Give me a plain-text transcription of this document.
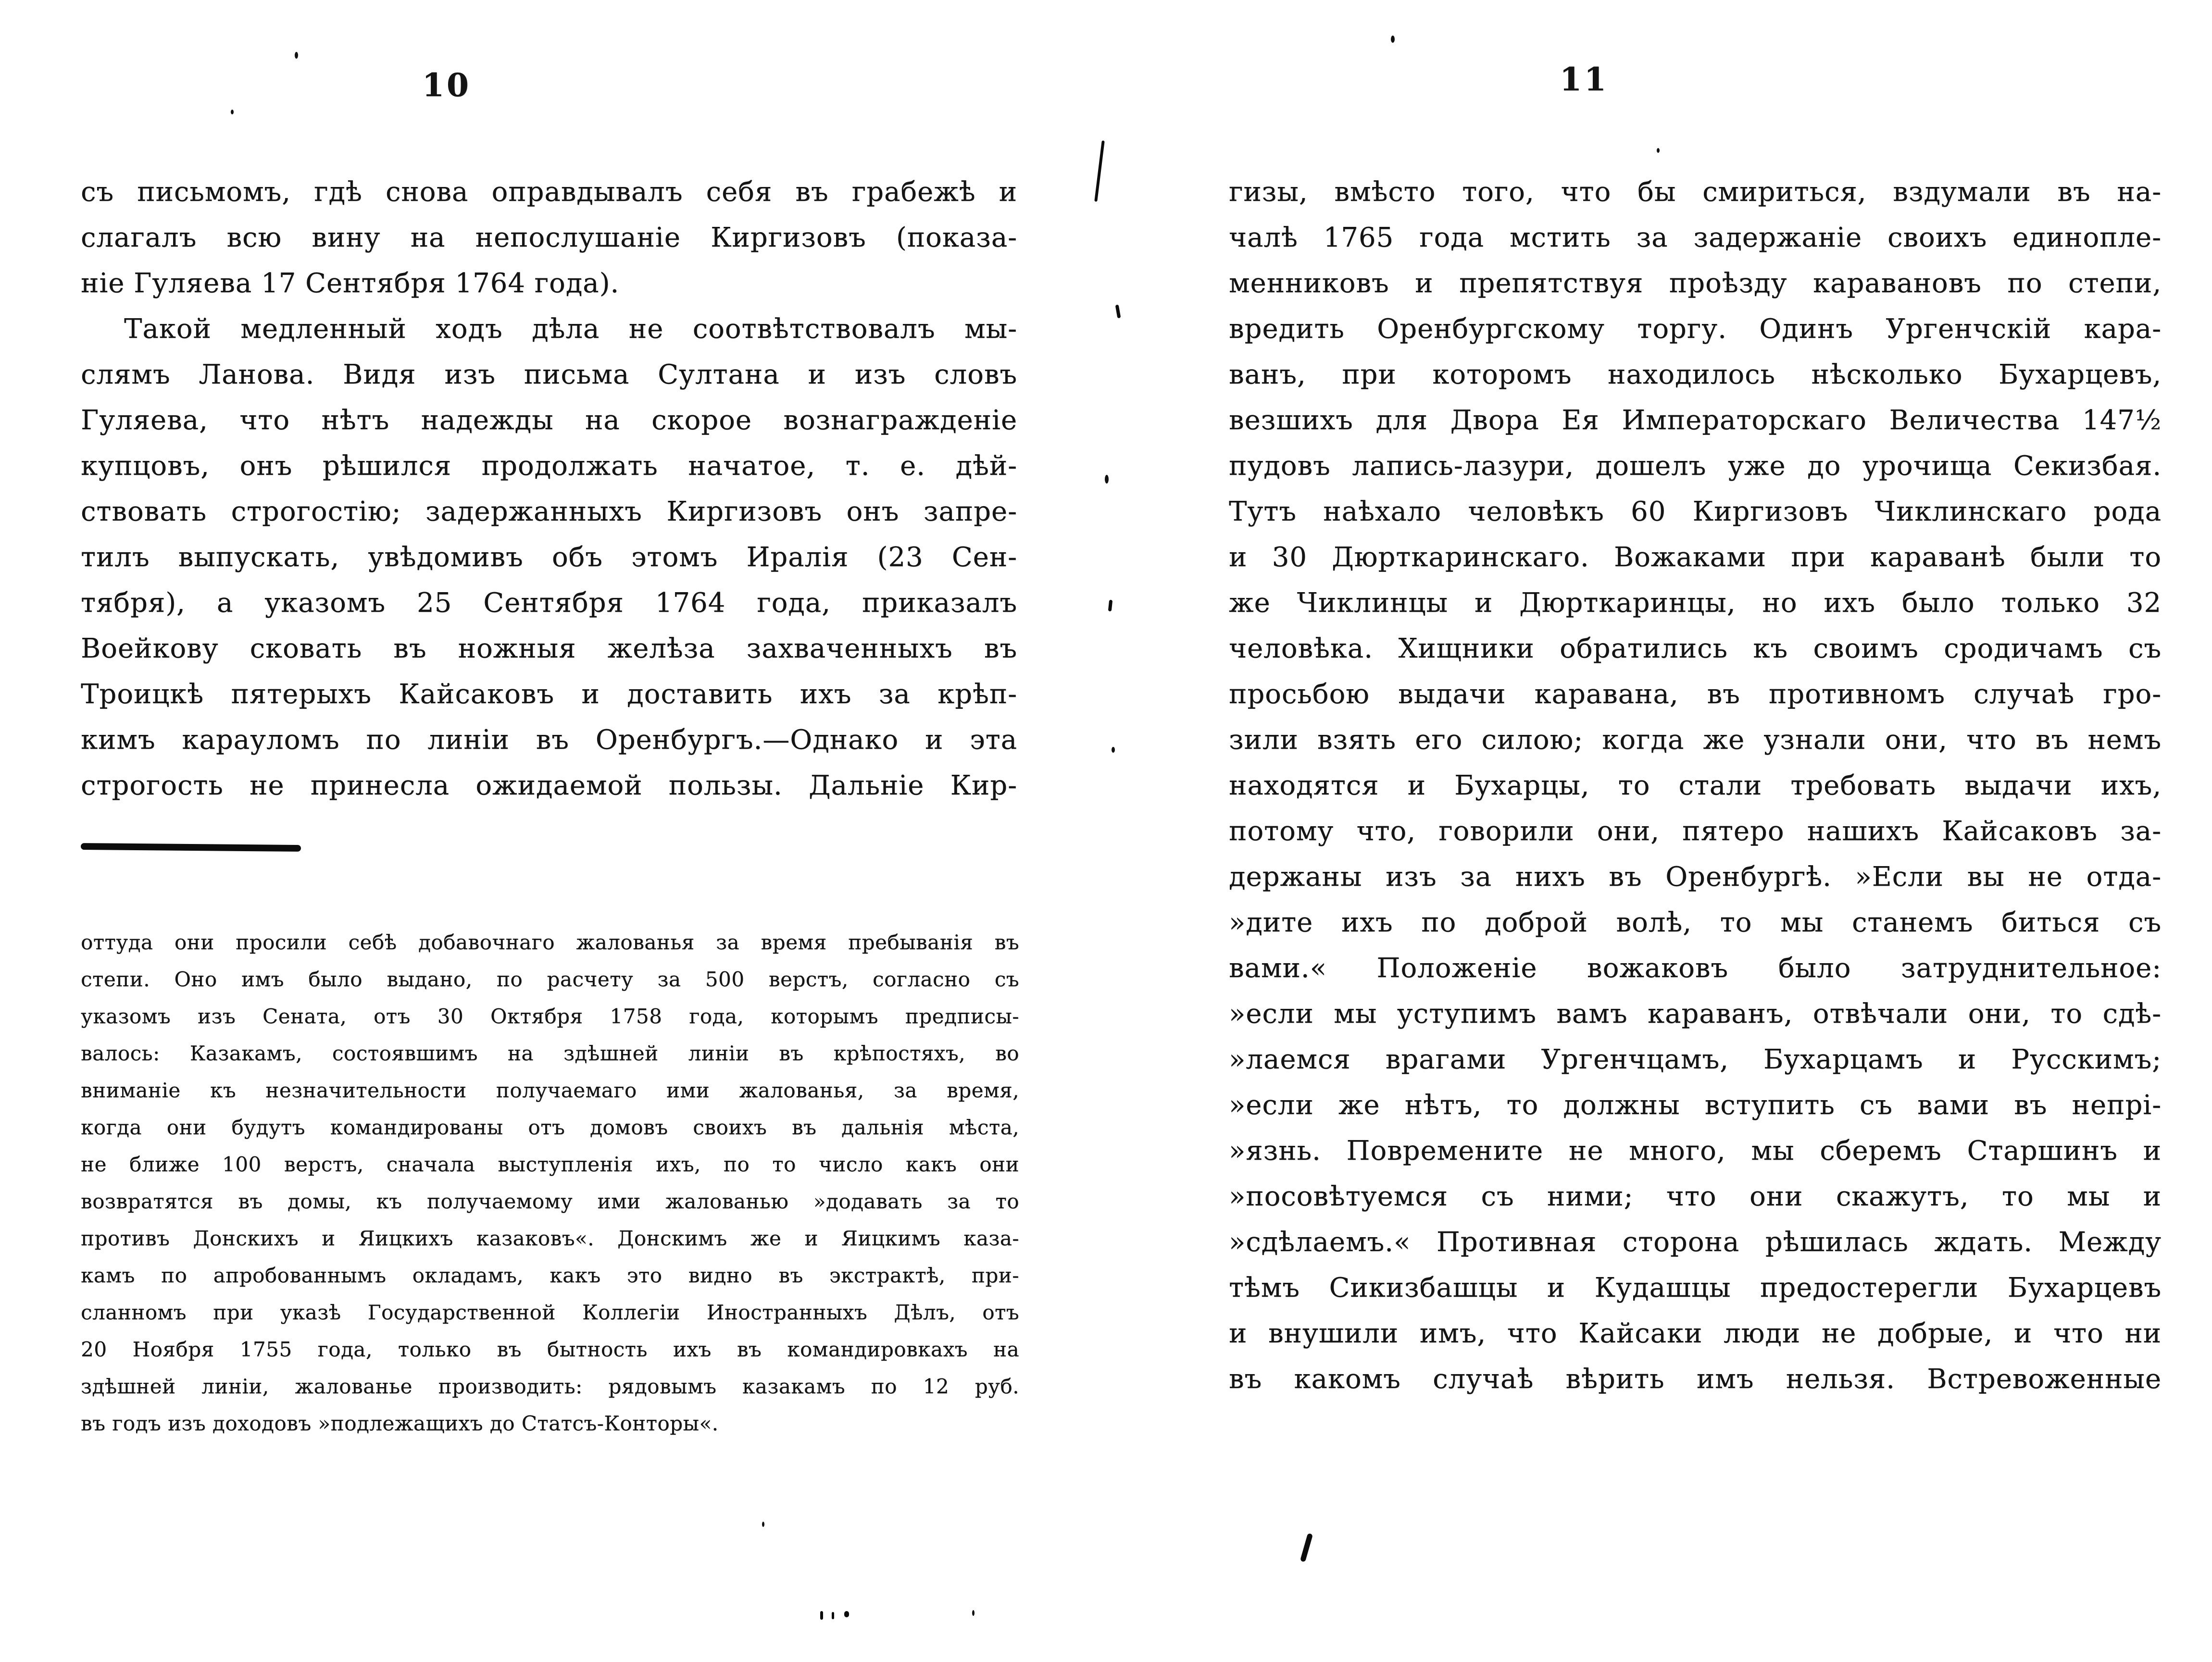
10
съ письмомъ, гдѣ снова оправдывалъ себя въ грабежѣ и
слагалъ всю вину на непослушаніе Киргизовъ (показа-
ніе Гуляева 17 Сентября 1764 года).
Такой медленный ходъ дѣла не соотвѣтствовалъ мы-
слямъ Ланова. Видя изъ письма Султана и изъ словъ
Гуляева, что нѣтъ надежды на скорое вознагражденіе
купцовъ, онъ рѣшился продолжать начатое, т. е. дѣй-
ствовать строгостію; задержанныхъ Киргизовъ онъ запре-
тилъ выпускать, увѣдомивъ объ этомъ Иралія (23 Сен-
тября), а указомъ 25 Сентября 1764 года, приказалъ
Воейкову сковать въ ножныя желѣза захваченныхъ въ
Троицкѣ пятерыхъ Кайсаковъ и доставить ихъ за крѣп-
кимъ карауломъ по линіи въ Оренбургъ.—Однако и эта
строгость не принесла ожидаемой пользы. Дальніе Кир-
оттуда они просили себѣ добавочнаго жалованья за время пребыванія въ
степи. Оно имъ было выдано, по расчету за 500 верстъ, согласно съ
указомъ изъ Сената, отъ 30 Октября 1758 года, которымъ предписы-
валось: Казакамъ, состоявшимъ на здѣшней линіи въ крѣпостяхъ, во
вниманіе къ незначительности получаемаго ими жалованья, за время,
когда они будутъ командированы отъ домовъ своихъ въ дальнія мѣста,
не ближе 100 верстъ, сначала выступленія ихъ, по то число какъ они
возвратятся въ домы, къ получаемому ими жалованью »додавать за то
противъ Донскихъ и Яицкихъ казаковъ«. Донскимъ же и Яицкимъ каза-
камъ по апробованнымъ окладамъ, какъ это видно въ экстрактѣ, при-
сланномъ при указѣ Государственной Коллегіи Иностранныхъ Дѣлъ, отъ
20 Ноября 1755 года, только въ бытность ихъ въ командировкахъ на
здѣшней линіи, жалованье производить: рядовымъ казакамъ по 12 руб.
въ годъ изъ доходовъ »подлежащихъ до Статсъ-Конторы«.
11
гизы, вмѣсто того, что бы смириться, вздумали въ на-
чалѣ 1765 года мстить за задержаніе своихъ единопле-
менниковъ и препятствуя проѣзду каравановъ по степи,
вредить Оренбургскому торгу. Одинъ Ургенчскій кара-
ванъ, при которомъ находилось нѣсколько Бухарцевъ,
везшихъ для Двора Ея Императорскаго Величества 147½
пудовъ лапись-лазури, дошелъ уже до урочища Секизбая.
Тутъ наѣхало человѣкъ 60 Киргизовъ Чиклинскаго рода
и 30 Дюрткаринскаго. Вожаками при караванѣ были то
же Чиклинцы и Дюрткаринцы, но ихъ было только 32
человѣка. Хищники обратились къ своимъ сродичамъ съ
просьбою выдачи каравана, въ противномъ случаѣ гро-
зили взять его силою; когда же узнали они, что въ немъ
находятся и Бухарцы, то стали требовать выдачи ихъ,
потому что, говорили они, пятеро нашихъ Кайсаковъ за-
держаны изъ за нихъ въ Оренбургѣ. »Если вы не отда-
»дите ихъ по доброй волѣ, то мы станемъ биться съ
вами.« Положеніе вожаковъ было затруднительное:
»если мы уступимъ вамъ караванъ, отвѣчали они, то сдѣ-
»лаемся врагами Ургенчцамъ, Бухарцамъ и Русскимъ;
»если же нѣтъ, то должны вступить съ вами въ непрі-
»язнь. Повремените не много, мы сберемъ Старшинъ и
»посовѣтуемся съ ними; что они скажутъ, то мы и
»сдѣлаемъ.« Противная сторона рѣшилась ждать. Между
тѣмъ Сикизбашцы и Кудашцы предостерегли Бухарцевъ
и внушили имъ, что Кайсаки люди не добрые, и что ни
въ какомъ случаѣ вѣрить имъ нельзя. Встревоженные
